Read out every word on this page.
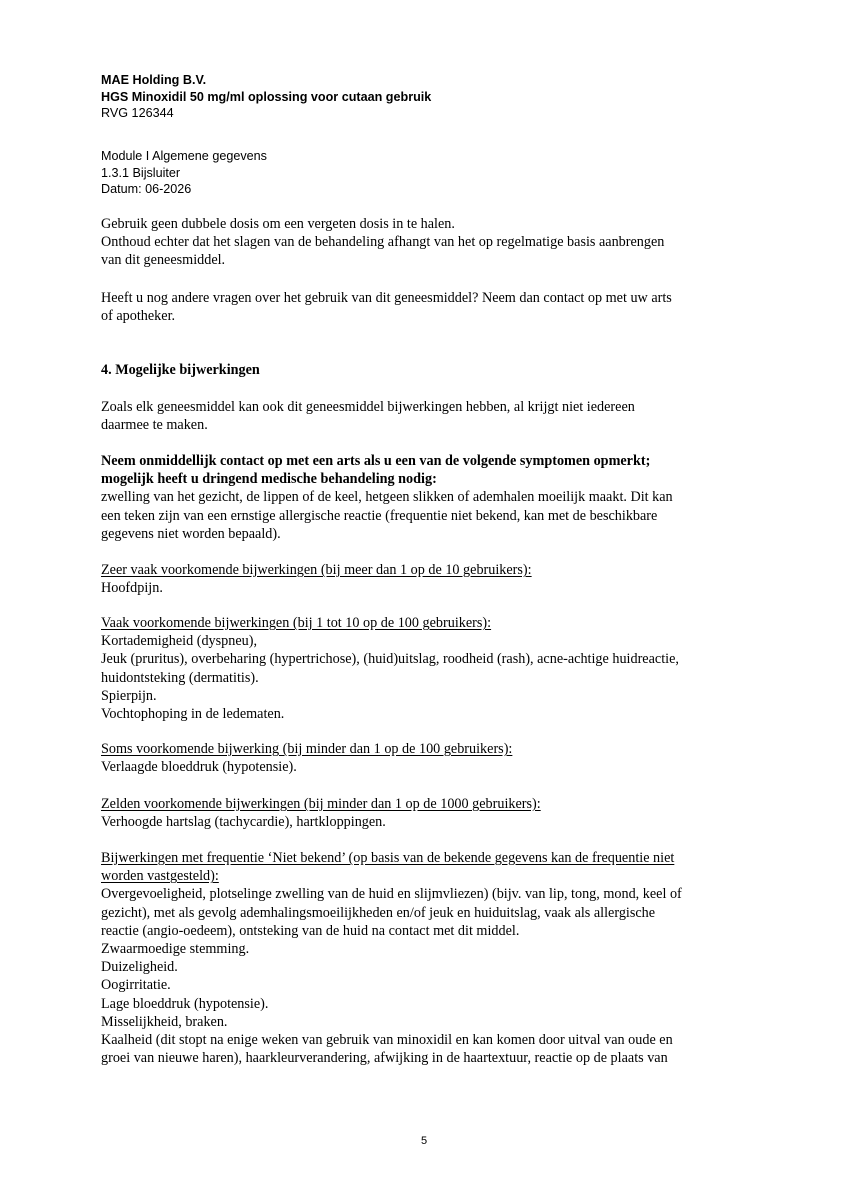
MAE Holding B.V.
HGS Minoxidil 50 mg/ml oplossing voor cutaan gebruik
RVG 126344
Module I Algemene gegevens
1.3.1 Bijsluiter
Datum: 06-2026
Gebruik geen dubbele dosis om een vergeten dosis in te halen.
Onthoud echter dat het slagen van de behandeling afhangt van het op regelmatige basis aanbrengen
van dit geneesmiddel.
Heeft u nog andere vragen over het gebruik van dit geneesmiddel? Neem dan contact op met uw arts
of apotheker.
4. Mogelijke bijwerkingen
Zoals elk geneesmiddel kan ook dit geneesmiddel bijwerkingen hebben, al krijgt niet iedereen
daarmee te maken.
Neem onmiddellijk contact op met een arts als u een van de volgende symptomen opmerkt;
mogelijk heeft u dringend medische behandeling nodig:
zwelling van het gezicht, de lippen of de keel, hetgeen slikken of ademhalen moeilijk maakt. Dit kan
een teken zijn van een ernstige allergische reactie (frequentie niet bekend, kan met de beschikbare
gegevens niet worden bepaald).
Zeer vaak voorkomende bijwerkingen (bij meer dan 1 op de 10 gebruikers):
Hoofdpijn.
Vaak voorkomende bijwerkingen (bij 1 tot 10 op de 100 gebruikers):
Kortademigheid (dyspneu),
Jeuk (pruritus), overbeharing (hypertrichose), (huid)uitslag, roodheid (rash), acne-achtige huidreactie,
huidontsteking (dermatitis).
Spierpijn.
Vochtophoping in de ledematen.
Soms voorkomende bijwerking (bij minder dan 1 op de 100 gebruikers):
Verlaagde bloeddruk (hypotensie).
Zelden voorkomende bijwerkingen (bij minder dan 1 op de 1000 gebruikers):
Verhoogde hartslag (tachycardie), hartkloppingen.
Bijwerkingen met frequentie ‘Niet bekend’ (op basis van de bekende gegevens kan de frequentie niet
worden vastgesteld):
Overgevoeligheid, plotselinge zwelling van de huid en slijmvliezen) (bijv. van lip, tong, mond, keel of
gezicht), met als gevolg ademhalingsmoeilijkheden en/of jeuk en huiduitslag, vaak als allergische
reactie (angio-oedeem), ontsteking van de huid na contact met dit middel.
Zwaarmoedige stemming.
Duizeligheid.
Oogirritatie.
Lage bloeddruk (hypotensie).
Misselijkheid, braken.
Kaalheid (dit stopt na enige weken van gebruik van minoxidil en kan komen door uitval van oude en
groei van nieuwe haren), haarkleurverandering, afwijking in de haartextuur, reactie op de plaats van
5
